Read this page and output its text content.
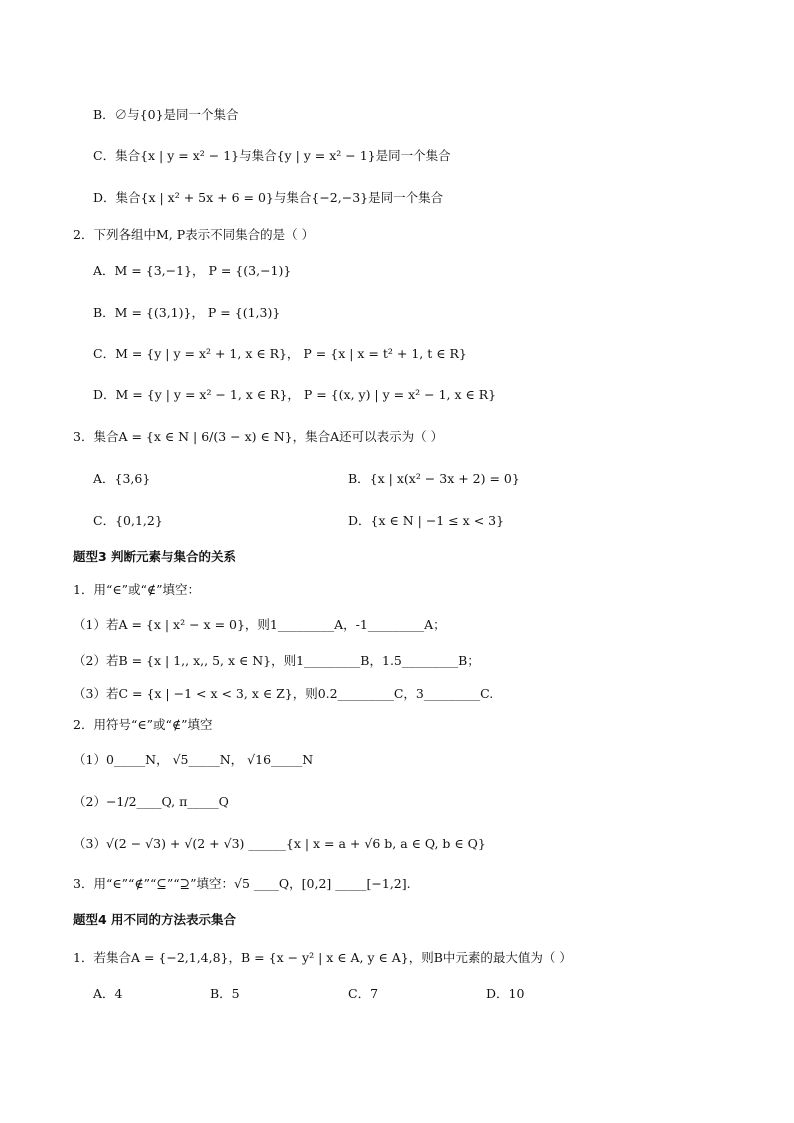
B．∅与{0}是同一个集合
C．集合{x | y = x² − 1}与集合{y | y = x² − 1}是同一个集合
D．集合{x | x² + 5x + 6 = 0}与集合{−2,−3}是同一个集合
2．下列各组中M, P表示不同集合的是（ ）
A．M = {3,−1}， P = {(3,−1)}
B．M = {(3,1)}， P = {(1,3)}
C．M = {y | y = x² + 1, x ∈ R}， P = {x | x = t² + 1, t ∈ R}
D．M = {y | y = x² − 1, x ∈ R}， P = {(x, y) | y = x² − 1, x ∈ R}
3．集合A = {x ∈ N | 6/(3 − x) ∈ N}，集合A还可以表示为（ ）
A．{3,6}	B．{x | x(x² − 3x + 2) = 0}
C．{0,1,2}	D．{x ∈ N | −1 ≤ x < 3}
题型3 判断元素与集合的关系
1．用“∈”或“∉”填空：
（1）若A = {x | x² − x = 0}，则1_________A，-1_________A；
（2）若B = {x | 1,, x,, 5, x ∈ N}，则1_________B，1.5_________B；
（3）若C = {x | −1 < x < 3, x ∈ Z}，则0.2_________C，3_________C.
2．用符号“∈”或“∉”填空
（1）0_____N， √5_____N， √16_____N
（2）−1/2____Q, π_____Q
（3）√(2 − √3) + √(2 + √3) ______{x | x = a + √6 b, a ∈ Q, b ∈ Q}
3．用“∈”“∉”“⊆”“⊇”填空：√5 ____Q，[0,2] _____[−1,2].
题型4 用不同的方法表示集合
1．若集合A = {−2,1,4,8}，B = {x − y² | x ∈ A, y ∈ A}，则B中元素的最大值为（ ）
A．4	B．5	C．7	D．10
